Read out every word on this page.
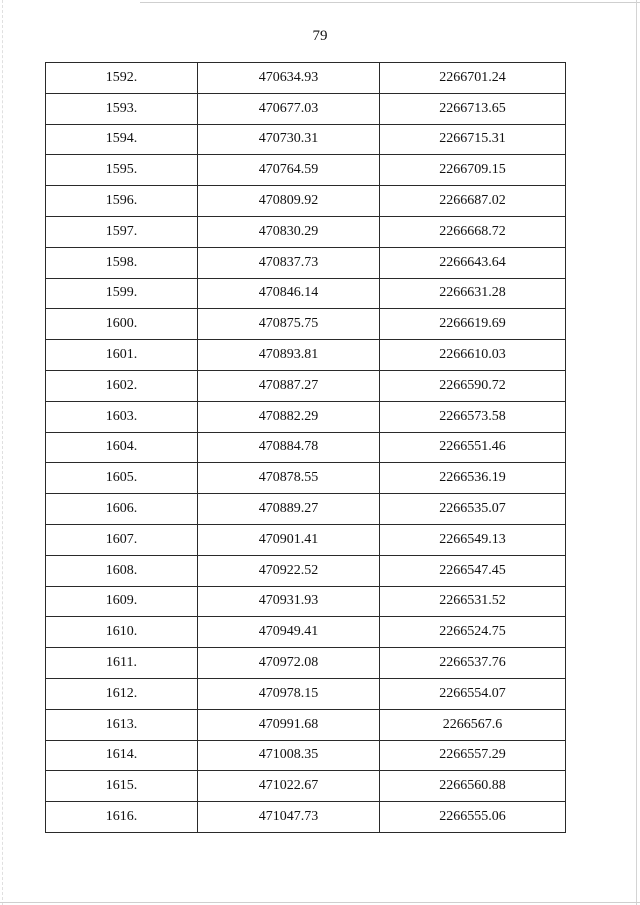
79
1592.	470634.93	2266701.24
1593.	470677.03	2266713.65
1594.	470730.31	2266715.31
1595.	470764.59	2266709.15
1596.	470809.92	2266687.02
1597.	470830.29	2266668.72
1598.	470837.73	2266643.64
1599.	470846.14	2266631.28
1600.	470875.75	2266619.69
1601.	470893.81	2266610.03
1602.	470887.27	2266590.72
1603.	470882.29	2266573.58
1604.	470884.78	2266551.46
1605.	470878.55	2266536.19
1606.	470889.27	2266535.07
1607.	470901.41	2266549.13
1608.	470922.52	2266547.45
1609.	470931.93	2266531.52
1610.	470949.41	2266524.75
1611.	470972.08	2266537.76
1612.	470978.15	2266554.07
1613.	470991.68	2266567.6
1614.	471008.35	2266557.29
1615.	471022.67	2266560.88
1616.	471047.73	2266555.06
